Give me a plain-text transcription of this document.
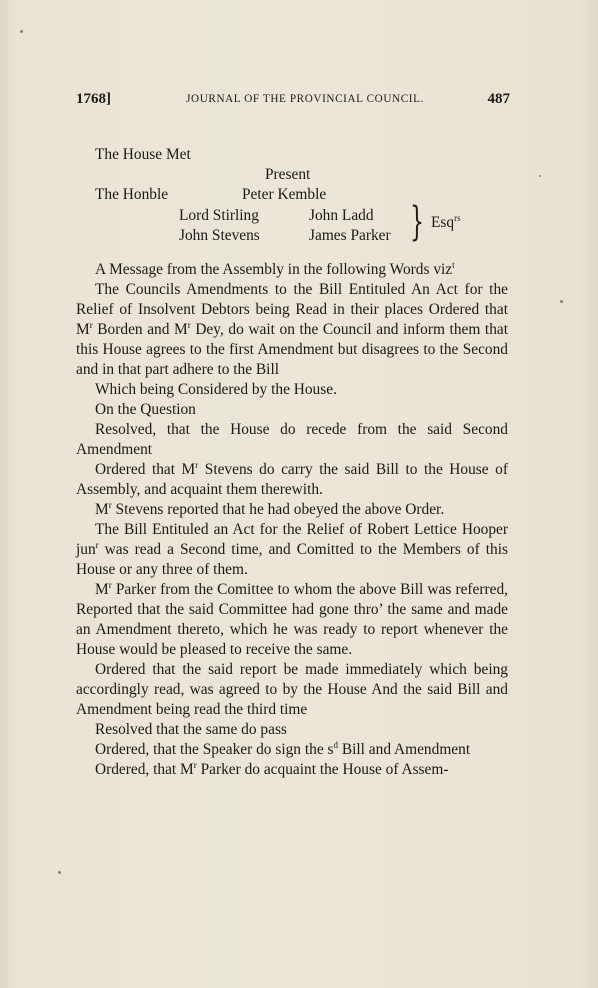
1768]	JOURNAL OF THE PROVINCIAL COUNCIL.	487
The House Met
Present
The Honble	Peter Kemble
Lord Stirling	John Ladd
John Stevens	James Parker } Esq$^{rs}$

A Message from the Assembly in the following Words viz$^t$

The Councils Amendments to the Bill Entituled An Act for the Relief of Insolvent Debtors being Read in their places Ordered that $M^r$ Borden and $M^r$ Dey, do wait on the Council and inform them that this House agrees to the first Amendment but disagrees to the Second and in that part adhere to the Bill

Which being Considered by the House.

On the Question

Resolved, that the House do recede from the said Second Amendment

Ordered that $M^r$ Stevens do carry the said Bill to the House of Assembly, and acquaint them therewith.

$M^r$ Stevens reported that he had obeyed the above Order.

The Bill Entituled an Act for the Relief of Robert Lettice Hooper jun$^r$ was read a Second time, and Comitted to the Members of this House or any three of them.

$M^r$ Parker from the Comittee to whom the above Bill was referred, Reported that the said Committee had gone thro’ the same and made an Amendment thereto, which he was ready to report whenever the House would be pleased to receive the same.

Ordered that the said report be made immediately which being accordingly read, was agreed to by the House And the said Bill and Amendment being read the third time

Resolved that the same do pass

Ordered, that the Speaker do sign the $s^d$ Bill and Amendment

Ordered, that $M^r$ Parker do acquaint the House of Assem-
